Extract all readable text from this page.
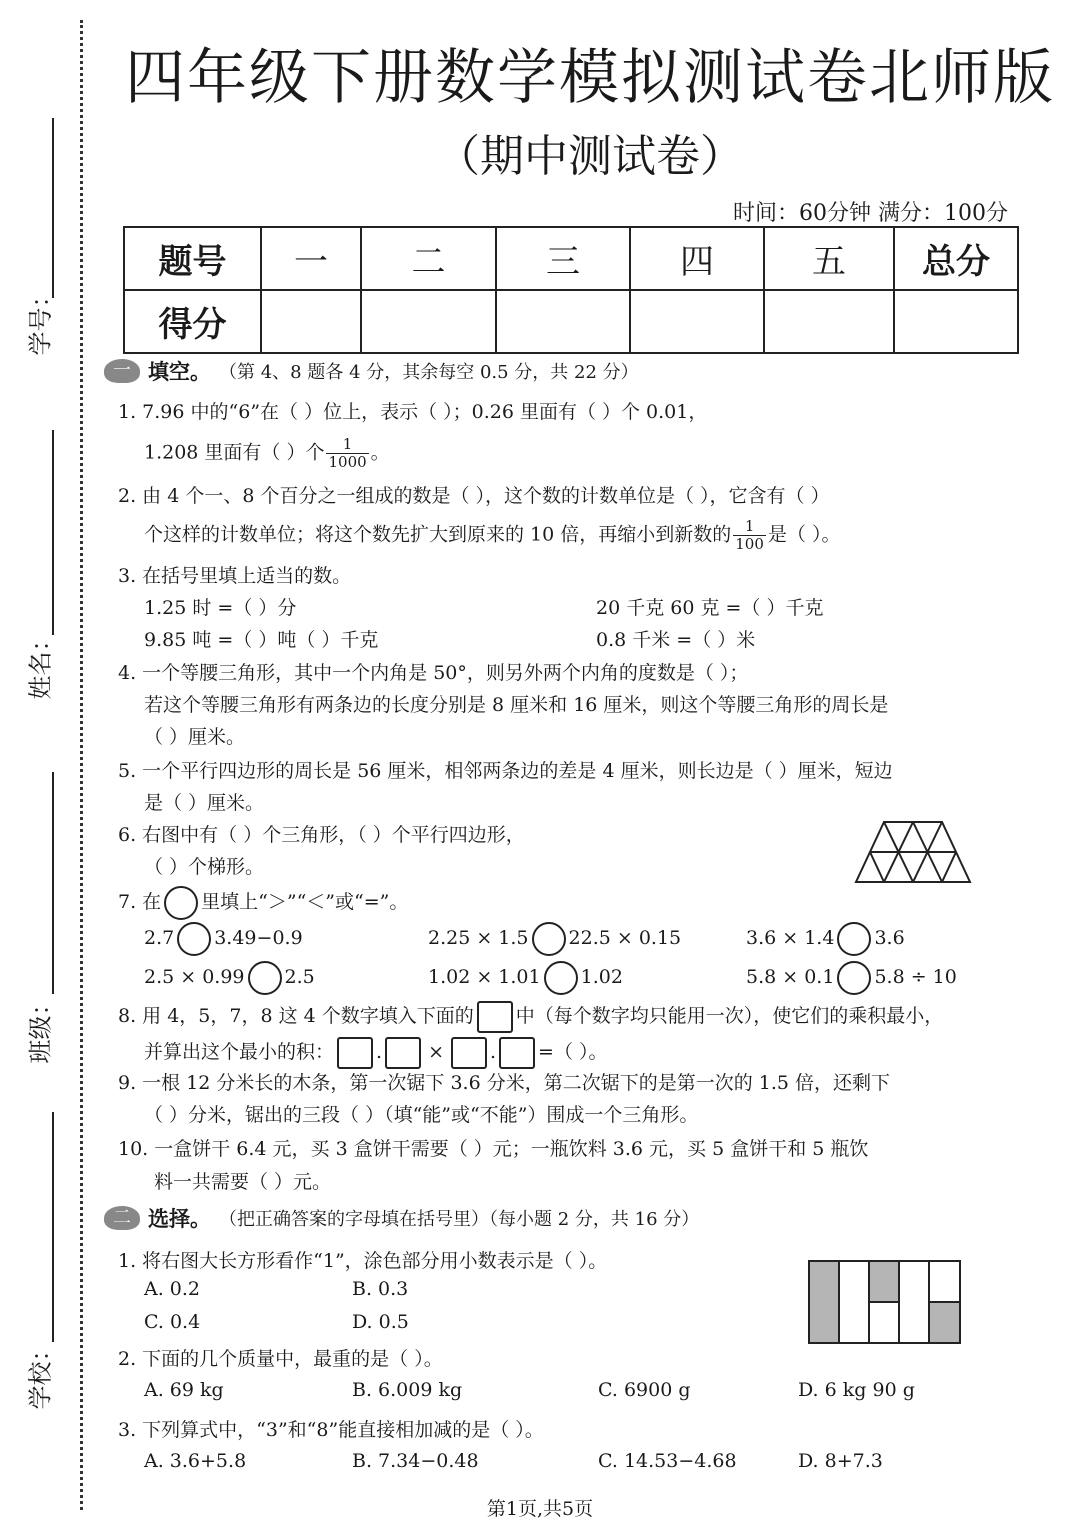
学号：
姓名：
班级：
学校：
四年级下册数学模拟测试卷北师版
（期中测试卷）
时间：60分钟 满分：100分
题号	一	二	三	四	五	总分
得分						
一 填空。 （第 4、8 题各 4 分，其余每空 0.5 分，共 22 分）
1. 7.96 中的“6”在（ ）位上，表示（ ）；0.26 里面有（ ）个 0.01，
1.208 里面有（ ）个 $\frac{1}{1000}$ 。
2. 由 4 个一、8 个百分之一组成的数是（ ），这个数的计数单位是（ ），它含有（ ）
个这样的计数单位；将这个数先扩大到原来的 10 倍，再缩小到新数的 $\frac{1}{100}$ 是（ ）。
3. 在括号里填上适当的数。
1.25 时 =（ ）分	20 千克 60 克 =（ ）千克
9.85 吨 =（ ）吨（ ）千克	0.8 千米 =（ ）米
4. 一个等腰三角形，其中一个内角是 50°，则另外两个内角的度数是（ ）；
若这个等腰三角形有两条边的长度分别是 8 厘米和 16 厘米，则这个等腰三角形的周长是
（ ）厘米。
5. 一个平行四边形的周长是 56 厘米，相邻两条边的差是 4 厘米，则长边是（ ）厘米，短边
是（ ）厘米。
6. 右图中有（ ）个三角形，（ ）个平行四边形，
（ ）个梯形。
7. 在 里填上“＞”“＜”或“=”。
2.7 3.49−0.9	2.25 × 1.5 22.5 × 0.15	3.6 × 1.4 3.6
2.5 × 0.99 2.5	1.02 × 1.01 1.02	5.8 × 0.1 5.8 ÷ 10
8. 用 4，5，7，8 这 4 个数字填入下面的 中（每个数字均只能用一次），使它们的乘积最小，
并算出这个最小的积： . × . =（ ）。
9. 一根 12 分米长的木条，第一次锯下 3.6 分米，第二次锯下的是第一次的 1.5 倍，还剩下
（ ）分米，锯出的三段（ ）（填“能”或“不能”）围成一个三角形。
10. 一盒饼干 6.4 元，买 3 盒饼干需要（ ）元；一瓶饮料 3.6 元，买 5 盒饼干和 5 瓶饮
料一共需要（ ）元。
二 选择。 （把正确答案的字母填在括号里）（每小题 2 分，共 16 分）
1. 将右图大长方形看作“1”，涂色部分用小数表示是（ ）。
A. 0.2	B. 0.3
C. 0.4	D. 0.5
2. 下面的几个质量中，最重的是（ ）。
A. 69 kg	B. 6.009 kg	C. 6900 g	D. 6 kg 90 g
3. 下列算式中，“3”和“8”能直接相加减的是（ ）。
A. 3.6+5.8	B. 7.34−0.48	C. 14.53−4.68	D. 8+7.3
第1页,共5页
